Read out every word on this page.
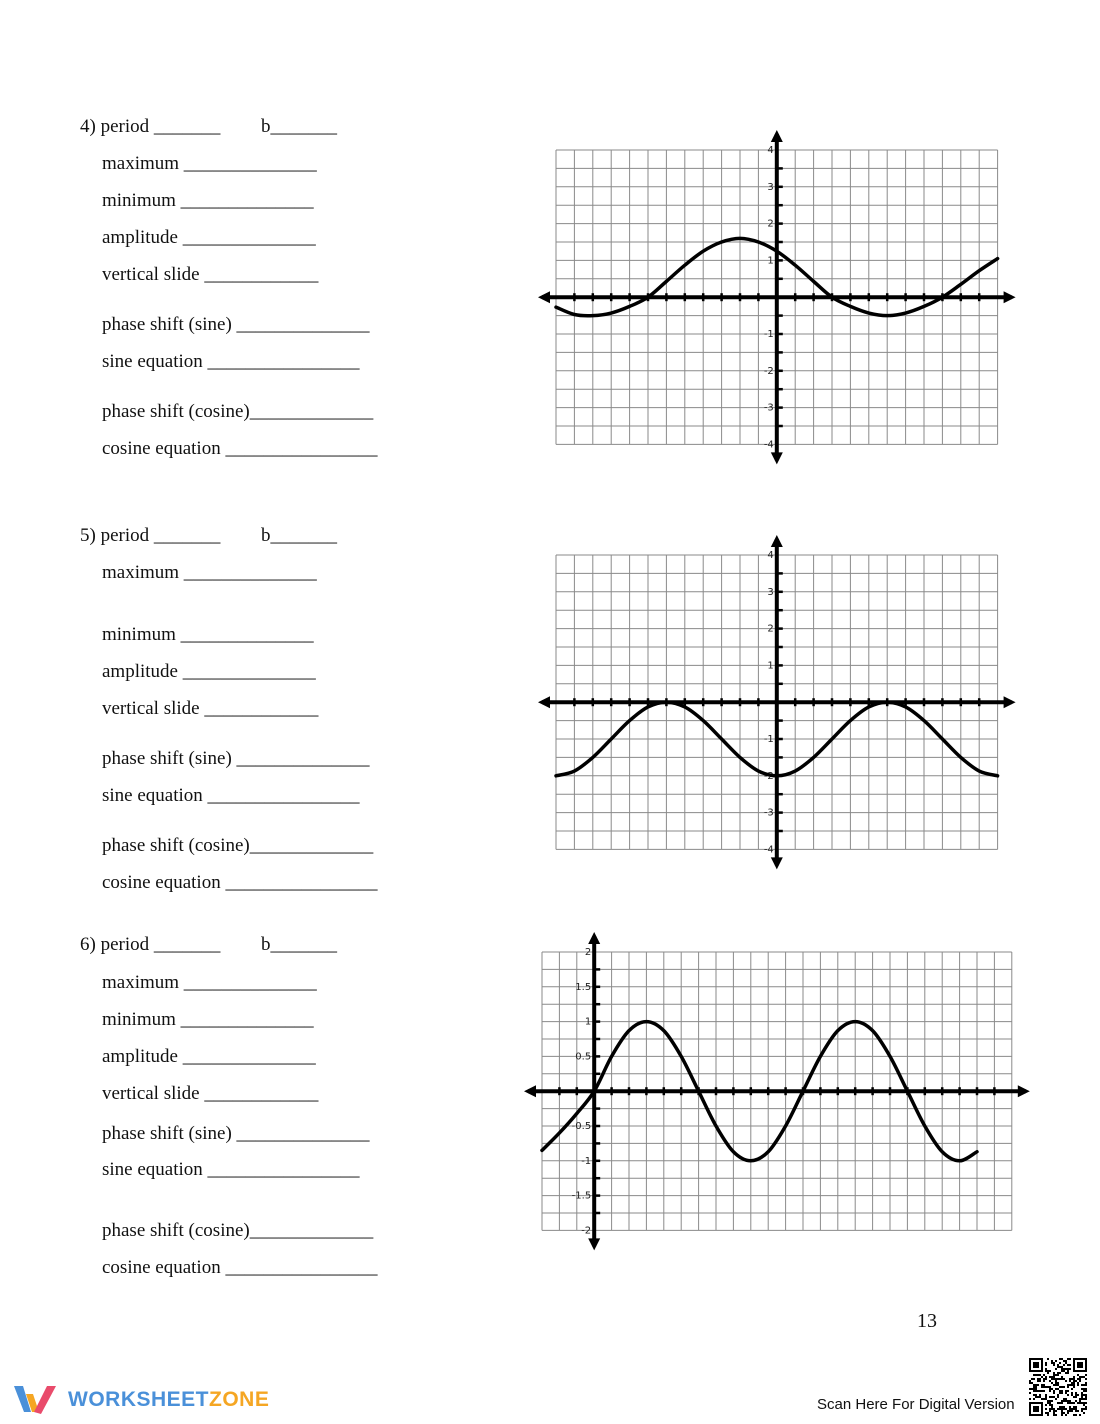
4) period _______ b_______
maximum ______________
minimum ______________
amplitude ______________
vertical slide ____________
phase shift (sine) ______________
sine equation ________________
phase shift (cosine)_____________
cosine equation ________________
5) period _______ b_______
maximum ______________
minimum ______________
amplitude ______________
vertical slide ____________
phase shift (sine) ______________
sine equation ________________
phase shift (cosine)_____________
cosine equation ________________
6) period _______ b_______
maximum ______________
minimum ______________
amplitude ______________
vertical slide ____________
phase shift (sine) ______________
sine equation ________________
phase shift (cosine)_____________
cosine equation ________________
4
3
2
1
-1
-2
-3
-4
4
3
2
1
-1
-2
-3
-4
2
1.5
1
0.5
-0.5
-1
-1.5
-2
13
WORKSHEETZONE	Scan Here For Digital Version
